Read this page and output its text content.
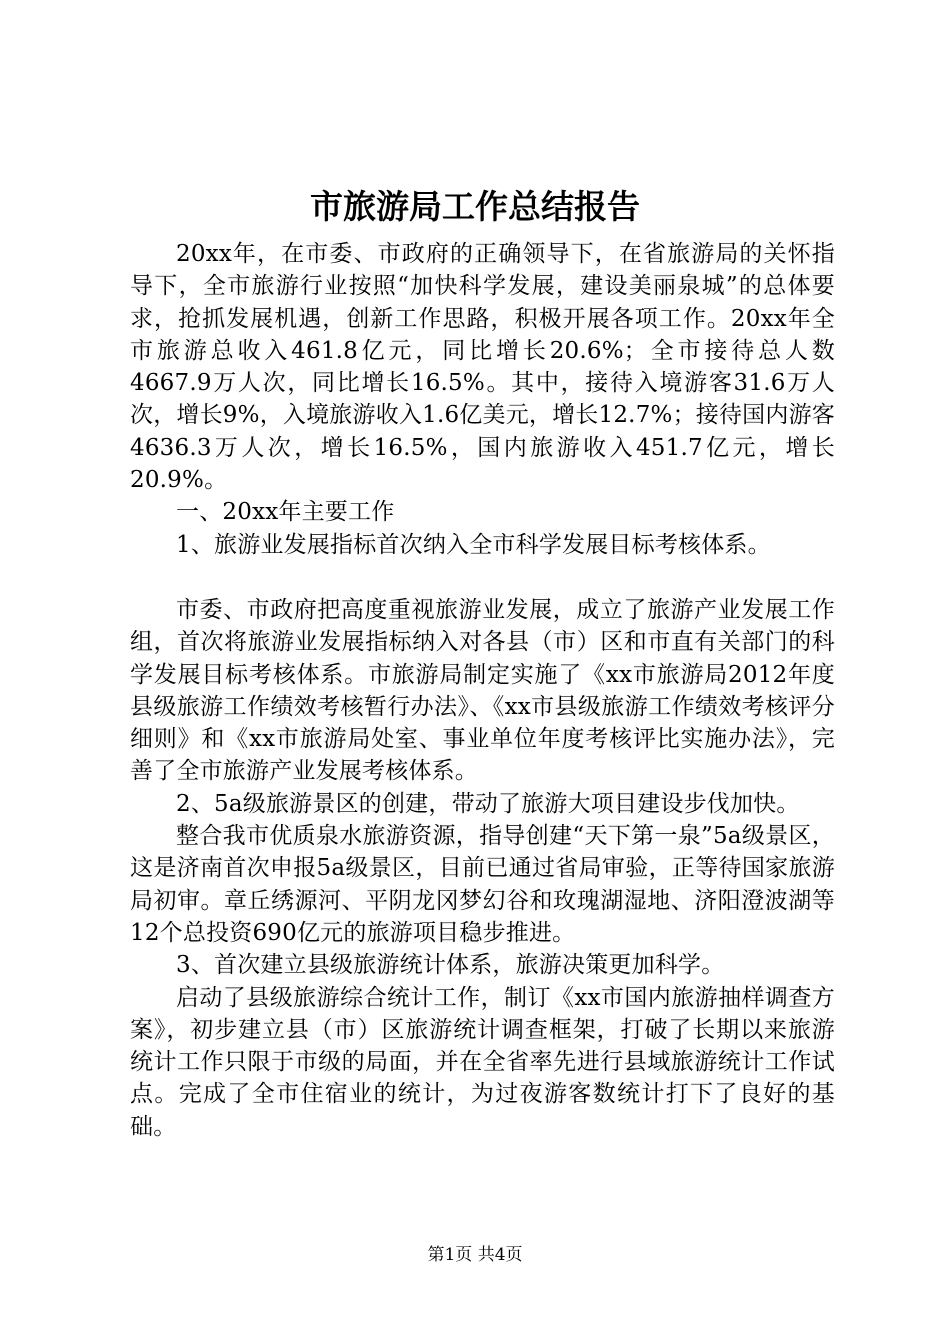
市旅游局工作总结报告

20xx年，在市委、市政府的正确领导下，在省旅游局的关怀指导下，全市旅游行业按照“加快科学发展，建设美丽泉城”的总体要求，抢抓发展机遇，创新工作思路，积极开展各项工作。20xx年全市旅游总收入461.8亿元，同比增长20.6%；全市接待总人数4667.9万人次，同比增长16.5%。其中，接待入境游客31.6万人次，增长9%，入境旅游收入1.6亿美元，增长12.7%；接待国内游客4636.3万人次，增长16.5%，国内旅游收入451.7亿元，增长20.9%。

一、20xx年主要工作

1、旅游业发展指标首次纳入全市科学发展目标考核体系。

市委、市政府把高度重视旅游业发展，成立了旅游产业发展工作组，首次将旅游业发展指标纳入对各县（市）区和市直有关部门的科学发展目标考核体系。市旅游局制定实施了《xx市旅游局2012年度县级旅游工作绩效考核暂行办法》、《xx市县级旅游工作绩效考核评分细则》和《xx市旅游局处室、事业单位年度考核评比实施办法》，完善了全市旅游产业发展考核体系。

2、5a级旅游景区的创建，带动了旅游大项目建设步伐加快。

整合我市优质泉水旅游资源，指导创建“天下第一泉”5a级景区，这是济南首次申报5a级景区，目前已通过省局审验，正等待国家旅游局初审。章丘绣源河、平阴龙冈梦幻谷和玫瑰湖湿地、济阳澄波湖等12个总投资690亿元的旅游项目稳步推进。

3、首次建立县级旅游统计体系，旅游决策更加科学。

启动了县级旅游综合统计工作，制订《xx市国内旅游抽样调查方案》，初步建立县（市）区旅游统计调查框架，打破了长期以来旅游统计工作只限于市级的局面，并在全省率先进行县域旅游统计工作试点。完成了全市住宿业的统计，为过夜游客数统计打下了良好的基础。

第1页 共4页
